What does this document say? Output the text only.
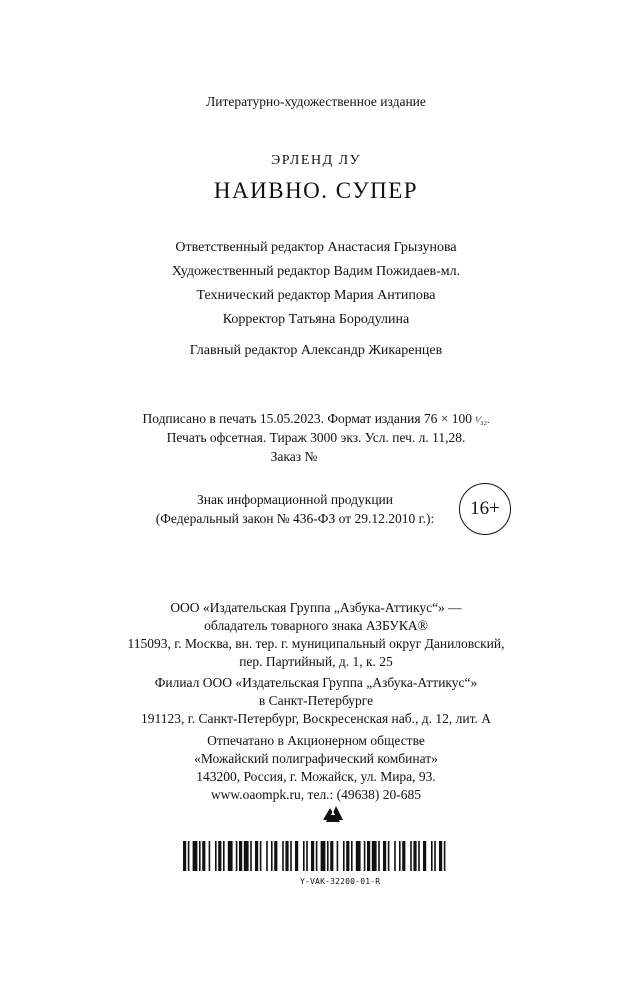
Литературно-художественное издание
ЭРЛЕНД ЛУ
НАИВНО. СУПЕР
Ответственный редактор Анастасия Грызунова
Художественный редактор Вадим Пожидаев-мл.
Технический редактор Мария Антипова
Корректор Татьяна Бородулина
Главный редактор Александр Жикаренцев
Подписано в печать 15.05.2023. Формат издания 76 × 100 ¹⁄₃₂.
Печать офсетная. Тираж 3000 экз. Усл. печ. л. 11,28.
Заказ №
Знак информационной продукции
(Федеральный закон № 436-ФЗ от 29.12.2010 г.):	16+
ООО «Издательская Группа „Азбука-Аттикус“» —
обладатель товарного знака АЗБУКА®
115093, г. Москва, вн. тер. г. муниципальный округ Даниловский,
пер. Партийный, д. 1, к. 25
Филиал ООО «Издательская Группа „Азбука-Аттикус“»
в Санкт-Петербурге
191123, г. Санкт-Петербург, Воскресенская наб., д. 12, лит. А
Отпечатано в Акционерном обществе
«Можайский полиграфический комбинат»
143200, Россия, г. Можайск, ул. Мира, 93.
www.oaompk.ru, тел.: (49638) 20-685
Y-VAK-32200-01-R
